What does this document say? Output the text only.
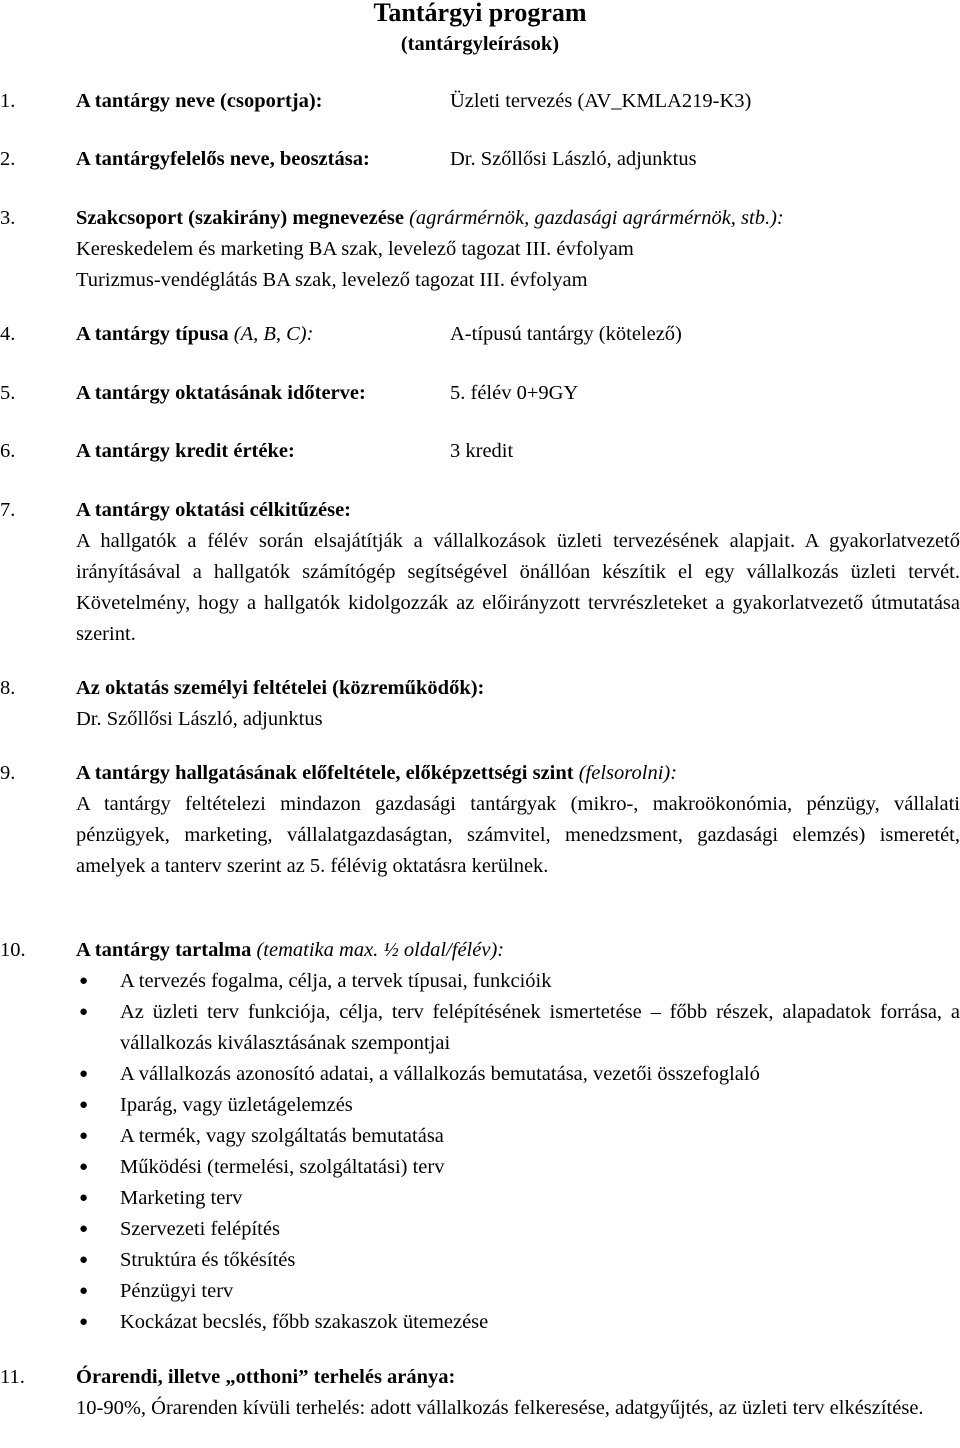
Tantárgyi program
(tantárgyleírások)
1.	A tantárgy neve (csoportja):	Üzleti tervezés (AV_KMLA219-K3)
2.	A tantárgyfelelős neve, beosztása:	Dr. Szőllősi László, adjunktus
3.	Szakcsoport (szakirány) megnevezése (agrármérnök, gazdasági agrármérnök, stb.):
Kereskedelem és marketing BA szak, levelező tagozat III. évfolyam
Turizmus-vendéglátás BA szak, levelező tagozat III. évfolyam
4.	A tantárgy típusa (A, B, C):	A-típusú tantárgy (kötelező)
5.	A tantárgy oktatásának időterve:	5. félév 0+9GY
6.	A tantárgy kredit értéke:	3 kredit
7.	A tantárgy oktatási célkitűzése:
A hallgatók a félév során elsajátítják a vállalkozások üzleti tervezésének alapjait. A gyakorlatvezető irányításával a hallgatók számítógép segítségével önállóan készítik el egy vállalkozás üzleti tervét. Követelmény, hogy a hallgatók kidolgozzák az előirányzott tervrészleteket a gyakorlatvezető útmutatása szerint.
8.	Az oktatás személyi feltételei (közreműködők):
Dr. Szőllősi László, adjunktus
9.	A tantárgy hallgatásának előfeltétele, előképzettségi szint (felsorolni):
A tantárgy feltételezi mindazon gazdasági tantárgyak (mikro-, makroökonómia, pénzügy, vállalati pénzügyek, marketing, vállalatgazdaságtan, számvitel, menedzsment, gazdasági elemzés) ismeretét, amelyek a tanterv szerint az 5. félévig oktatásra kerülnek.
10. A tantárgy tartalma (tematika max. ½ oldal/félév):
● A tervezés fogalma, célja, a tervek típusai, funkcióik
● Az üzleti terv funkciója, célja, terv felépítésének ismertetése – főbb részek, alapadatok forrása, a vállalkozás kiválasztásának szempontjai
● A vállalkozás azonosító adatai, a vállalkozás bemutatása, vezetői összefoglaló
● Iparág, vagy üzletágelemzés
● A termék, vagy szolgáltatás bemutatása
● Működési (termelési, szolgáltatási) terv
● Marketing terv
● Szervezeti felépítés
● Struktúra és tőkésítés
● Pénzügyi terv
● Kockázat becslés, főbb szakaszok ütemezése
11. Órarendi, illetve „otthoni” terhelés aránya:
10-90%, Órarenden kívüli terhelés: adott vállalkozás felkeresése, adatgyűjtés, az üzleti terv elkészítése.
